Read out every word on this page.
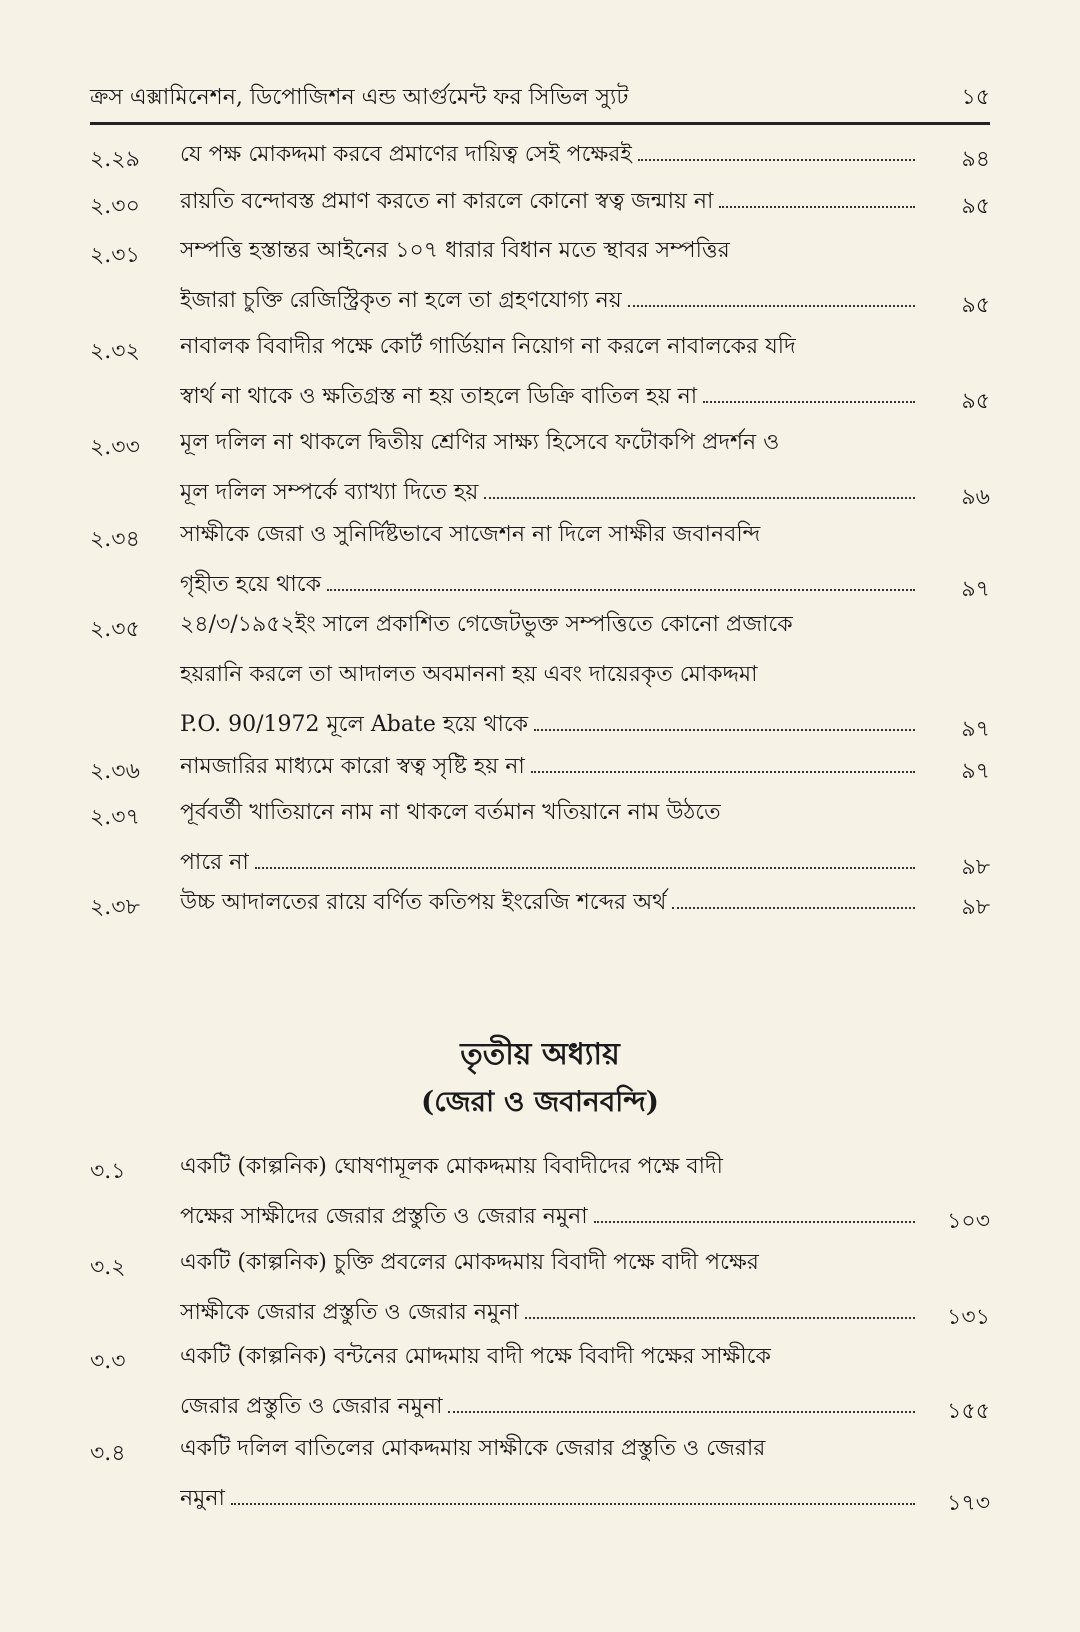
ক্রস এক্সামিনেশন, ডিপোজিশন এন্ড আর্গুমেন্ট ফর সিভিল স্যুট	১৫
২.২৯ যে পক্ষ মোকদ্দমা করবে প্রমাণের দায়িত্ব সেই পক্ষেরই	৯৪
২.৩০ রায়তি বন্দোবস্ত প্রমাণ করতে না কারলে কোনো স্বত্ব জন্মায় না	৯৫
২.৩১ সম্পত্তি হস্তান্তর আইনের ১০৭ ধারার বিধান মতে স্থাবর সম্পত্তির
ইজারা চুক্তি রেজিস্ট্রিকৃত না হলে তা গ্রহণযোগ্য নয়	৯৫
২.৩২ নাবালক বিবাদীর পক্ষে কোর্ট গার্ডিয়ান নিয়োগ না করলে নাবালকের যদি
স্বার্থ না থাকে ও ক্ষতিগ্রস্ত না হয় তাহলে ডিক্রি বাতিল হয় না	৯৫
২.৩৩ মূল দলিল না থাকলে দ্বিতীয় শ্রেণির সাক্ষ্য হিসেবে ফটোকপি প্রদর্শন ও
মূল দলিল সম্পর্কে ব্যাখ্যা দিতে হয়	৯৬
২.৩৪ সাক্ষীকে জেরা ও সুনির্দিষ্টভাবে সাজেশন না দিলে সাক্ষীর জবানবন্দি
গৃহীত হয়ে থাকে	৯৭
২.৩৫ ২৪/৩/১৯৫২ইং সালে প্রকাশিত গেজেটভুক্ত সম্পত্তিতে কোনো প্রজাকে
হয়রানি করলে তা আদালত অবমাননা হয় এবং দায়েরকৃত মোকদ্দমা
P.O. 90/1972 মূলে Abate হয়ে থাকে	৯৭
২.৩৬ নামজারির মাধ্যমে কারো স্বত্ব সৃষ্টি হয় না	৯৭
২.৩৭ পূর্ববর্তী খাতিয়ানে নাম না থাকলে বর্তমান খতিয়ানে নাম উঠতে
পারে না	৯৮
২.৩৮ উচ্চ আদালতের রায়ে বর্ণিত কতিপয় ইংরেজি শব্দের অর্থ	৯৮
তৃতীয় অধ্যায়
(জেরা ও জবানবন্দি)
৩.১ একটি (কাল্পনিক) ঘোষণামূলক মোকদ্দমায় বিবাদীদের পক্ষে বাদী
পক্ষের সাক্ষীদের জেরার প্রস্তুতি ও জেরার নমুনা	১০৩
৩.২ একটি (কাল্পনিক) চুক্তি প্রবলের মোকদ্দমায় বিবাদী পক্ষে বাদী পক্ষের
সাক্ষীকে জেরার প্রস্তুতি ও জেরার নমুনা	১৩১
৩.৩ একটি (কাল্পনিক) বন্টনের মোদ্দমায় বাদী পক্ষে বিবাদী পক্ষের সাক্ষীকে
জেরার প্রস্তুতি ও জেরার নমুনা	১৫৫
৩.৪ একটি দলিল বাতিলের মোকদ্দমায় সাক্ষীকে জেরার প্রস্তুতি ও জেরার
নমুনা	১৭৩
